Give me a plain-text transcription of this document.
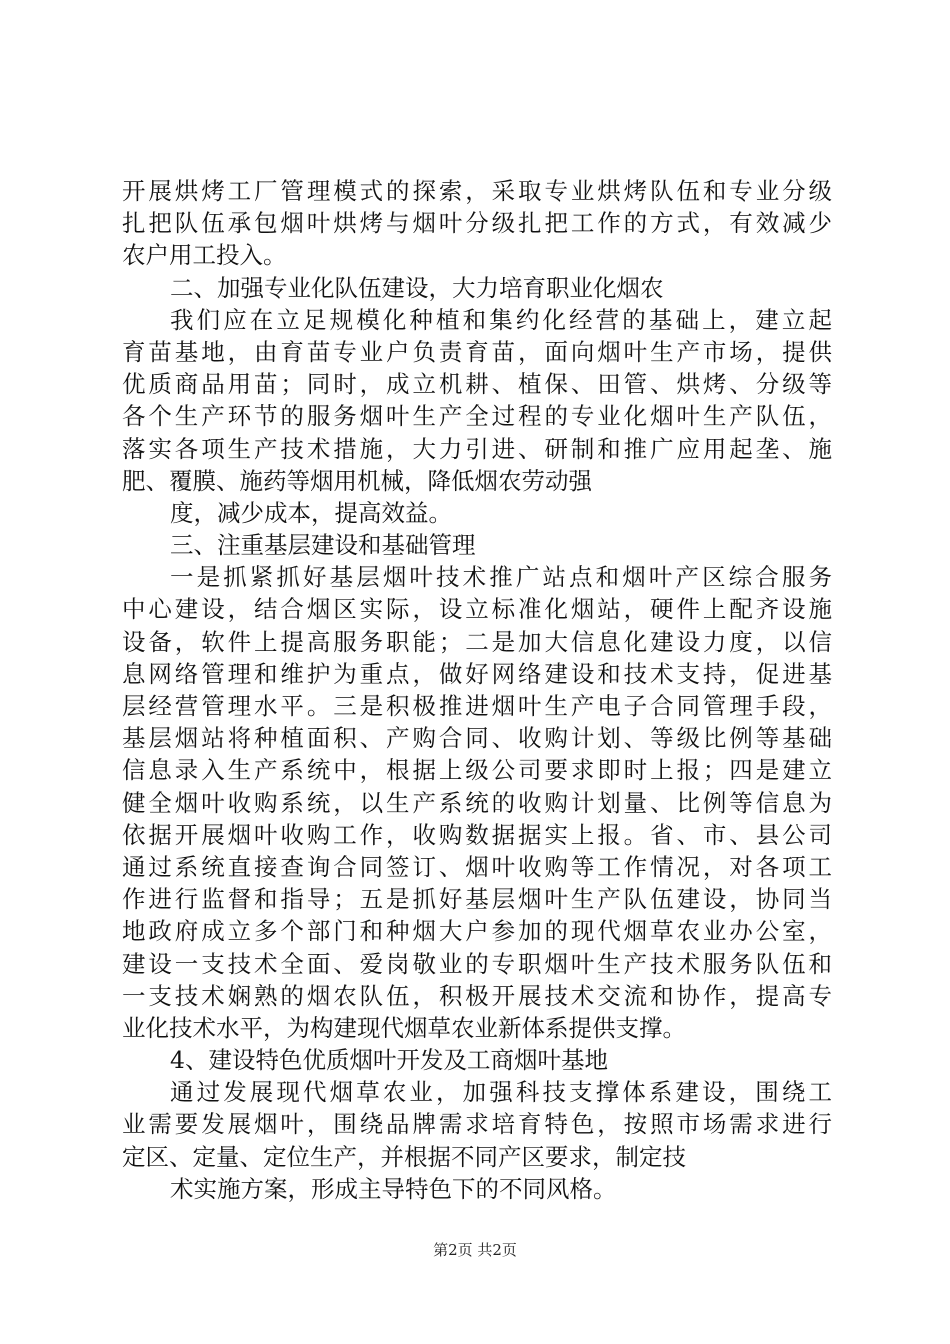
开展烘烤工厂管理模式的探索，采取专业烘烤队伍和专业分级
扎把队伍承包烟叶烘烤与烟叶分级扎把工作的方式，有效减少
农户用工投入。
二、加强专业化队伍建设，大力培育职业化烟农
我们应在立足规模化种植和集约化经营的基础上，建立起
育苗基地，由育苗专业户负责育苗，面向烟叶生产市场，提供
优质商品用苗；同时，成立机耕、植保、田管、烘烤、分级等
各个生产环节的服务烟叶生产全过程的专业化烟叶生产队伍，
落实各项生产技术措施，大力引进、研制和推广应用起垄、施
肥、覆膜、施药等烟用机械，降低烟农劳动强
度，减少成本，提高效益。
三、注重基层建设和基础管理
一是抓紧抓好基层烟叶技术推广站点和烟叶产区综合服务
中心建设，结合烟区实际，设立标准化烟站，硬件上配齐设施
设备，软件上提高服务职能；二是加大信息化建设力度，以信
息网络管理和维护为重点，做好网络建设和技术支持，促进基
层经营管理水平。三是积极推进烟叶生产电子合同管理手段，
基层烟站将种植面积、产购合同、收购计划、等级比例等基础
信息录入生产系统中，根据上级公司要求即时上报；四是建立
健全烟叶收购系统，以生产系统的收购计划量、比例等信息为
依据开展烟叶收购工作，收购数据据实上报。省、市、县公司
通过系统直接查询合同签订、烟叶收购等工作情况，对各项工
作进行监督和指导；五是抓好基层烟叶生产队伍建设，协同当
地政府成立多个部门和种烟大户参加的现代烟草农业办公室，
建设一支技术全面、爱岗敬业的专职烟叶生产技术服务队伍和
一支技术娴熟的烟农队伍，积极开展技术交流和协作，提高专
业化技术水平，为构建现代烟草农业新体系提供支撑。
4、建设特色优质烟叶开发及工商烟叶基地
通过发展现代烟草农业，加强科技支撑体系建设，围绕工
业需要发展烟叶，围绕品牌需求培育特色，按照市场需求进行
定区、定量、定位生产，并根据不同产区要求，制定技
术实施方案，形成主导特色下的不同风格。
第2页 共2页
